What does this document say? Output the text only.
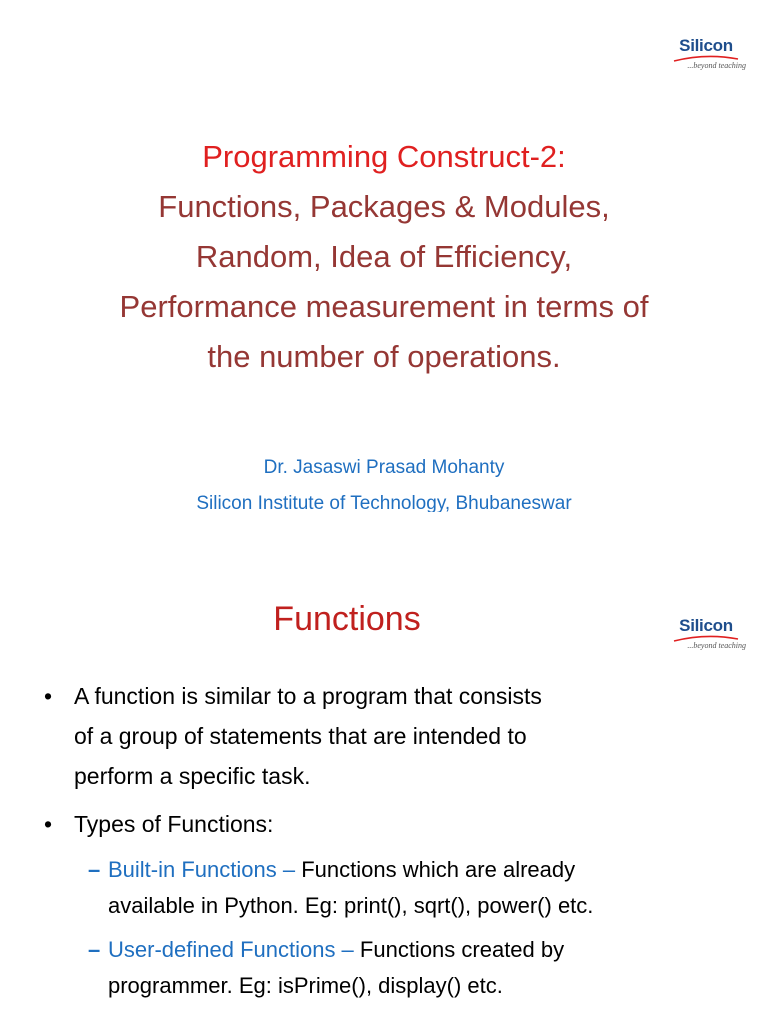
Silicon
...beyond teaching
Programming Construct-2:
Functions, Packages & Modules,
Random, Idea of Efficiency,
Performance measurement in terms of
the number of operations.
Dr. Jasaswi Prasad Mohanty
Silicon Institute of Technology, Bhubaneswar
Silicon
...beyond teaching
Functions
• A function is similar to a program that consists
of a group of statements that are intended to
perform a specific task.
• Types of Functions:
– Built-in Functions – Functions which are already
available in Python. Eg: print(), sqrt(), power() etc.
– User-defined Functions – Functions created by
programmer. Eg: isPrime(), display() etc.
